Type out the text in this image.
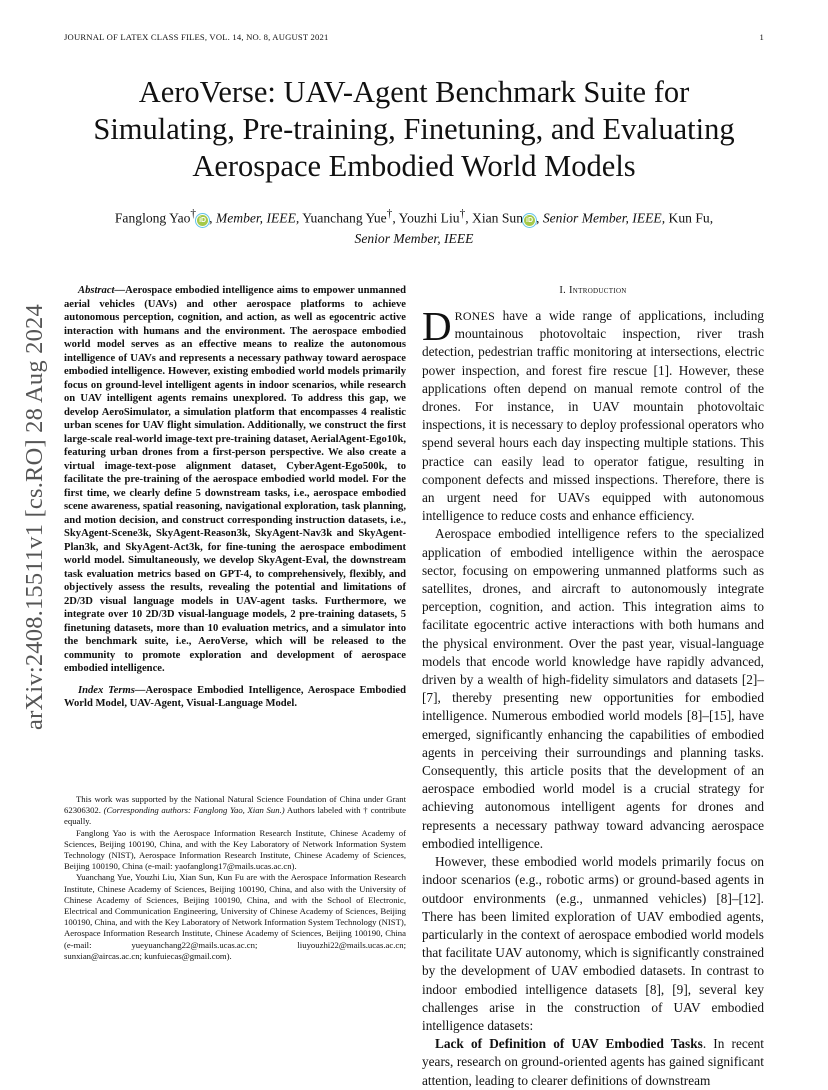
JOURNAL OF LATEX CLASS FILES, VOL. 14, NO. 8, AUGUST 2021	1
arXiv:2408.15511v1 [cs.RO] 28 Aug 2024
AeroVerse: UAV-Agent Benchmark Suite for
Simulating, Pre-training, Finetuning, and Evaluating
Aerospace Embodied World Models
Fanglong Yao†iD , Member, IEEE, Yuanchang Yue†, Youzhi Liu†, Xian Sun iD , Senior Member, IEEE, Kun Fu,
Senior Member, IEEE

Abstract—Aerospace embodied intelligence aims to empower unmanned aerial vehicles (UAVs) and other aerospace platforms to achieve autonomous perception, cognition, and action, as well as egocentric active interaction with humans and the environment. The aerospace embodied world model serves as an effective means to realize the autonomous intelligence of UAVs and represents a necessary pathway toward aerospace embodied intelligence. However, existing embodied world models primarily focus on ground-level intelligent agents in indoor scenarios, while research on UAV intelligent agents remains unexplored. To address this gap, we develop AeroSimulator, a simulation platform that encompasses 4 realistic urban scenes for UAV flight simulation. Additionally, we construct the first large-scale real-world image-text pre-training dataset, AerialAgent-Ego10k, featuring urban drones from a first-person perspective. We also create a virtual image-text-pose alignment dataset, CyberAgent-Ego500k, to facilitate the pre-training of the aerospace embodied world model. For the first time, we clearly define 5 downstream tasks, i.e., aerospace embodied scene awareness, spatial reasoning, navigational exploration, task planning, and motion decision, and construct corresponding instruction datasets, i.e., SkyAgent-Scene3k, SkyAgent-Reason3k, SkyAgent-Nav3k and SkyAgent-Plan3k, and SkyAgent-Act3k, for fine-tuning the aerospace embodiment world model. Simultaneously, we develop SkyAgent-Eval, the downstream task evaluation metrics based on GPT-4, to comprehensively, flexibly, and objectively assess the results, revealing the potential and limitations of 2D/3D visual language models in UAV-agent tasks. Furthermore, we integrate over 10 2D/3D visual-language models, 2 pre-training datasets, 5 finetuning datasets, more than 10 evaluation metrics, and a simulator into the benchmark suite, i.e., AeroVerse, which will be released to the community to promote exploration and development of aerospace embodied intelligence.

Index Terms—Aerospace Embodied Intelligence, Aerospace Embodied World Model, UAV-Agent, Visual-Language Model.

This work was supported by the National Natural Science Foundation of China under Grant 62306302. (Corresponding authors: Fanglong Yao, Xian Sun.) Authors labeled with † contribute equally.

Fanglong Yao is with the Aerospace Information Research Institute, Chinese Academy of Sciences, Beijing 100190, China, and with the Key Laboratory of Network Information System Technology (NIST), Aerospace Information Research Institute, Chinese Academy of Sciences, Beijing 100190, China (e-mail: yaofanglong17@mails.ucas.ac.cn).

Yuanchang Yue, Youzhi Liu, Xian Sun, Kun Fu are with the Aerospace Information Research Institute, Chinese Academy of Sciences, Beijing 100190, China, and also with the University of Chinese Academy of Sciences, Beijing 100190, China, and with the School of Electronic, Electrical and Communication Engineering, University of Chinese Academy of Sciences, Beijing 100190, China, and with the Key Laboratory of Network Information System Technology (NIST), Aerospace Information Research Institute, Chinese Academy of Sciences, Beijing 100190, China (e-mail: yueyuanchang22@mails.ucas.ac.cn; liuyouzhi22@mails.ucas.ac.cn; sunxian@aircas.ac.cn; kunfuiecas@gmail.com).

I. Introduction

DRONES have a wide range of applications, including mountainous photovoltaic inspection, river trash detection, pedestrian traffic monitoring at intersections, electric power inspection, and forest fire rescue [1]. However, these applications often depend on manual remote control of the drones. For instance, in UAV mountain photovoltaic inspections, it is necessary to deploy professional operators who spend several hours each day inspecting multiple stations. This practice can easily lead to operator fatigue, resulting in component defects and missed inspections. Therefore, there is an urgent need for UAVs equipped with autonomous intelligence to reduce costs and enhance efficiency.

Aerospace embodied intelligence refers to the specialized application of embodied intelligence within the aerospace sector, focusing on empowering unmanned platforms such as satellites, drones, and aircraft to autonomously integrate perception, cognition, and action. This integration aims to facilitate egocentric active interactions with both humans and the physical environment. Over the past year, visual-language models that encode world knowledge have rapidly advanced, driven by a wealth of high-fidelity simulators and datasets [2]–[7], thereby presenting new opportunities for embodied intelligence. Numerous embodied world models [8]–[15], have emerged, significantly enhancing the capabilities of embodied agents in perceiving their surroundings and planning tasks. Consequently, this article posits that the development of an aerospace embodied world model is a crucial strategy for achieving autonomous intelligent agents for drones and represents a necessary pathway toward advancing aerospace embodied intelligence.

However, these embodied world models primarily focus on indoor scenarios (e.g., robotic arms) or ground-based agents in outdoor environments (e.g., unmanned vehicles) [8]–[12]. There has been limited exploration of UAV embodied agents, particularly in the context of aerospace embodied world models that facilitate UAV autonomy, which is significantly constrained by the development of UAV embodied datasets. In contrast to indoor embodied intelligence datasets [8], [9], several key challenges arise in the construction of UAV embodied intelligence datasets:

Lack of Definition of UAV Embodied Tasks. In recent years, research on ground-oriented agents has gained significant attention, leading to clearer definitions of downstream
